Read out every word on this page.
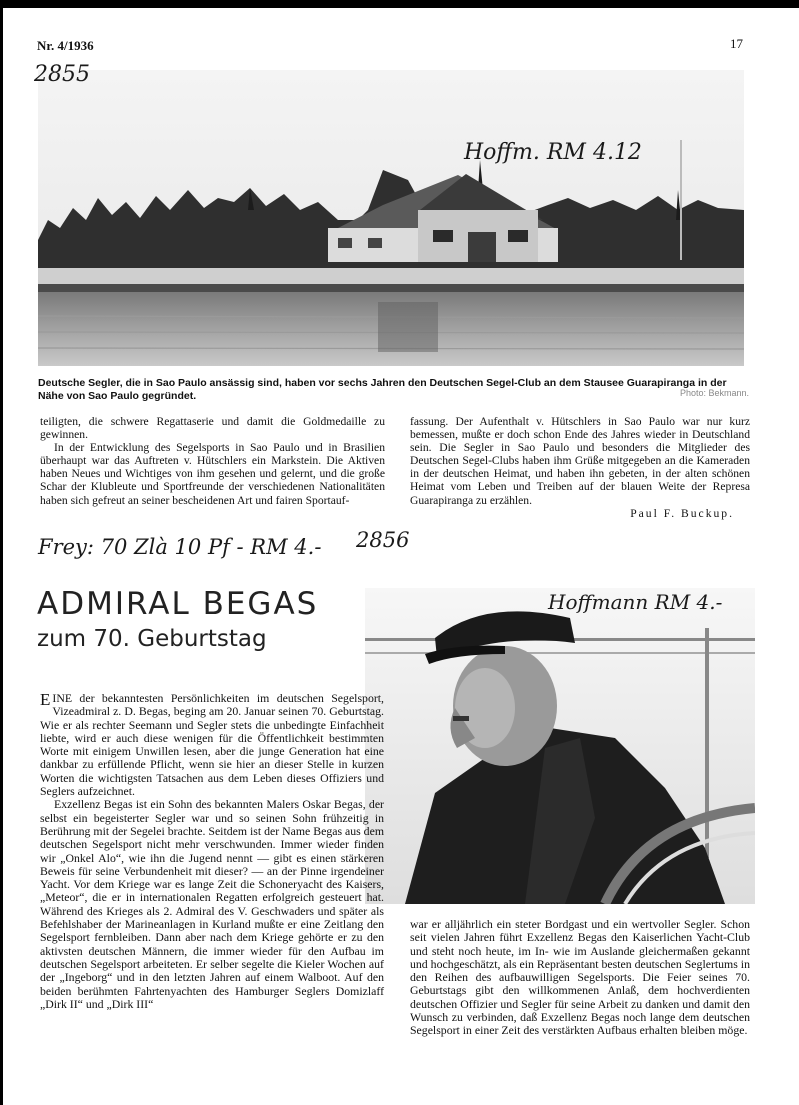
Nr. 4/1936	17
2855
Hoffm. RM 4.12
Photo: Bekmann.
Deutsche Segler, die in Sao Paulo ansässig sind, haben vor sechs Jahren den Deutschen Segel-Club an dem Stausee Guarapiranga in der Nähe von Sao Paulo gegründet.

teiligten, die schwere Regattaserie und damit die Goldmedaille zu gewinnen.

In der Entwicklung des Segelsports in Sao Paulo und in Brasilien überhaupt war das Auftreten v. Hütschlers ein Markstein. Die Aktiven haben Neues und Wichtiges von ihm gesehen und gelernt, und die große Schar der Klubleute und Sportfreunde der verschiedenen Nationalitäten haben sich gefreut an seiner bescheidenen Art und fairen Sportauf-

fassung. Der Aufenthalt v. Hütschlers in Sao Paulo war nur kurz bemessen, mußte er doch schon Ende des Jahres wieder in Deutschland sein. Die Segler in Sao Paulo und besonders die Mitglieder des Deutschen Segel-Clubs haben ihm Grüße mitgegeben an die Kameraden in der deutschen Heimat, und haben ihn gebeten, in der alten schönen Heimat vom Leben und Treiben auf der blauen Weite der Represa Guarapiranga zu erzählen.

Paul F. Buckup.

Frey: 70 Zlà 10 Pf - RM 4.- 2856
ADMIRAL BEGAS
zum 70. Geburtstag
Hoffmann RM 4.-

E INE der bekanntesten Persönlichkeiten im deutschen Segelsport, Vizeadmiral z. D. Begas, beging am 20. Januar seinen 70. Geburtstag. Wie er als rechter Seemann und Segler stets die unbedingte Einfachheit liebte, wird er auch diese wenigen für die Öffentlichkeit bestimmten Worte mit einigem Unwillen lesen, aber die junge Generation hat eine dankbar zu erfüllende Pflicht, wenn sie hier an dieser Stelle in kurzen Worten die wichtigsten Tatsachen aus dem Leben dieses Offiziers und Seglers aufzeichnet.

Exzellenz Begas ist ein Sohn des bekannten Malers Oskar Begas, der selbst ein begeisterter Segler war und so seinen Sohn frühzeitig in Berührung mit der Segelei brachte. Seitdem ist der Name Begas aus dem deutschen Segelsport nicht mehr verschwunden. Immer wieder finden wir „Onkel Alo“, wie ihn die Jugend nennt — gibt es einen stärkeren Beweis für seine Verbundenheit mit dieser? — an der Pinne irgendeiner Yacht. Vor dem Kriege war es lange Zeit die Schoneryacht des Kaisers, „Meteor“, die er in internationalen Regatten erfolgreich gesteuert hat. Während des Krieges als 2. Admiral des V. Geschwaders und später als Befehlshaber der Marineanlagen in Kurland mußte er eine Zeitlang den Segelsport fernbleiben. Dann aber nach dem Kriege gehörte er zu den aktivsten deutschen Männern, die immer wieder für den Aufbau im deutschen Segelsport arbeiteten. Er selber segelte die Kieler Wochen auf der „Ingeborg“ und in den letzten Jahren auf einem Walboot. Auf den beiden berühmten Fahrtenyachten des Hamburger Seglers Domizlaff „Dirk II“ und „Dirk III“

war er alljährlich ein steter Bordgast und ein wertvoller Segler. Schon seit vielen Jahren führt Exzellenz Begas den Kaiserlichen Yacht-Club und steht noch heute, im In- wie im Auslande gleichermaßen gekannt und hochgeschätzt, als ein Repräsentant besten deutschen Seglertums in den Reihen des aufbauwilligen Segelsports. Die Feier seines 70. Geburtstags gibt den willkommenen Anlaß, dem hochverdienten deutschen Offizier und Segler für seine Arbeit zu danken und damit den Wunsch zu verbinden, daß Exzellenz Begas noch lange dem deutschen Segelsport in einer Zeit des verstärkten Aufbaus erhalten bleiben möge.
